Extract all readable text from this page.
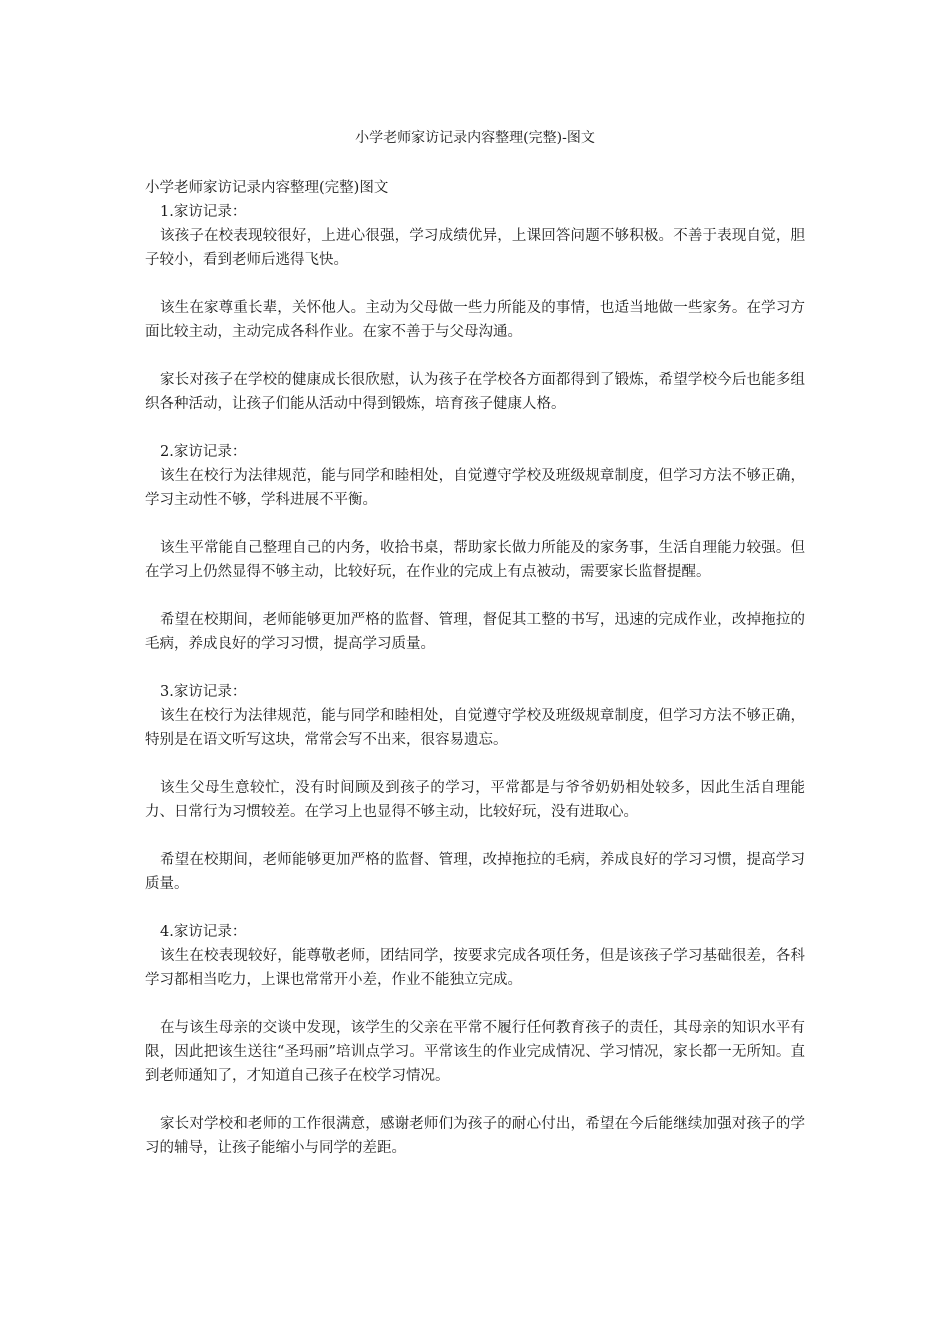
小学老师家访记录内容整理(完整)-图文

小学老师家访记录内容整理(完整)图文

1.家访记录：

该孩子在校表现较很好，上进心很强，学习成绩优异，上课回答问题不够积极。不善于表现自觉，胆子较小，看到老师后逃得飞快。

该生在家尊重长辈，关怀他人。主动为父母做一些力所能及的事情，也适当地做一些家务。在学习方面比较主动，主动完成各科作业。在家不善于与父母沟通。

家长对孩子在学校的健康成长很欣慰，认为孩子在学校各方面都得到了锻炼，希望学校今后也能多组织各种活动，让孩子们能从活动中得到锻炼，培育孩子健康人格。

2.家访记录：

该生在校行为法律规范，能与同学和睦相处，自觉遵守学校及班级规章制度，但学习方法不够正确，学习主动性不够，学科进展不平衡。

该生平常能自己整理自己的内务，收拾书桌，帮助家长做力所能及的家务事，生活自理能力较强。但在学习上仍然显得不够主动，比较好玩，在作业的完成上有点被动，需要家长监督提醒。

希望在校期间，老师能够更加严格的监督、管理，督促其工整的书写，迅速的完成作业，改掉拖拉的毛病，养成良好的学习习惯，提高学习质量。

3.家访记录：

该生在校行为法律规范，能与同学和睦相处，自觉遵守学校及班级规章制度，但学习方法不够正确，特别是在语文听写这块，常常会写不出来，很容易遗忘。

该生父母生意较忙，没有时间顾及到孩子的学习，平常都是与爷爷奶奶相处较多，因此生活自理能力、日常行为习惯较差。在学习上也显得不够主动，比较好玩，没有进取心。

希望在校期间，老师能够更加严格的监督、管理，改掉拖拉的毛病，养成良好的学习习惯，提高学习质量。

4.家访记录：

该生在校表现较好，能尊敬老师，团结同学，按要求完成各项任务，但是该孩子学习基础很差，各科学习都相当吃力，上课也常常开小差，作业不能独立完成。

在与该生母亲的交谈中发现，该学生的父亲在平常不履行任何教育孩子的责任，其母亲的知识水平有限，因此把该生送往“圣玛丽”培训点学习。平常该生的作业完成情况、学习情况，家长都一无所知。直到老师通知了，才知道自己孩子在校学习情况。

家长对学校和老师的工作很满意，感谢老师们为孩子的耐心付出，希望在今后能继续加强对孩子的学习的辅导，让孩子能缩小与同学的差距。
